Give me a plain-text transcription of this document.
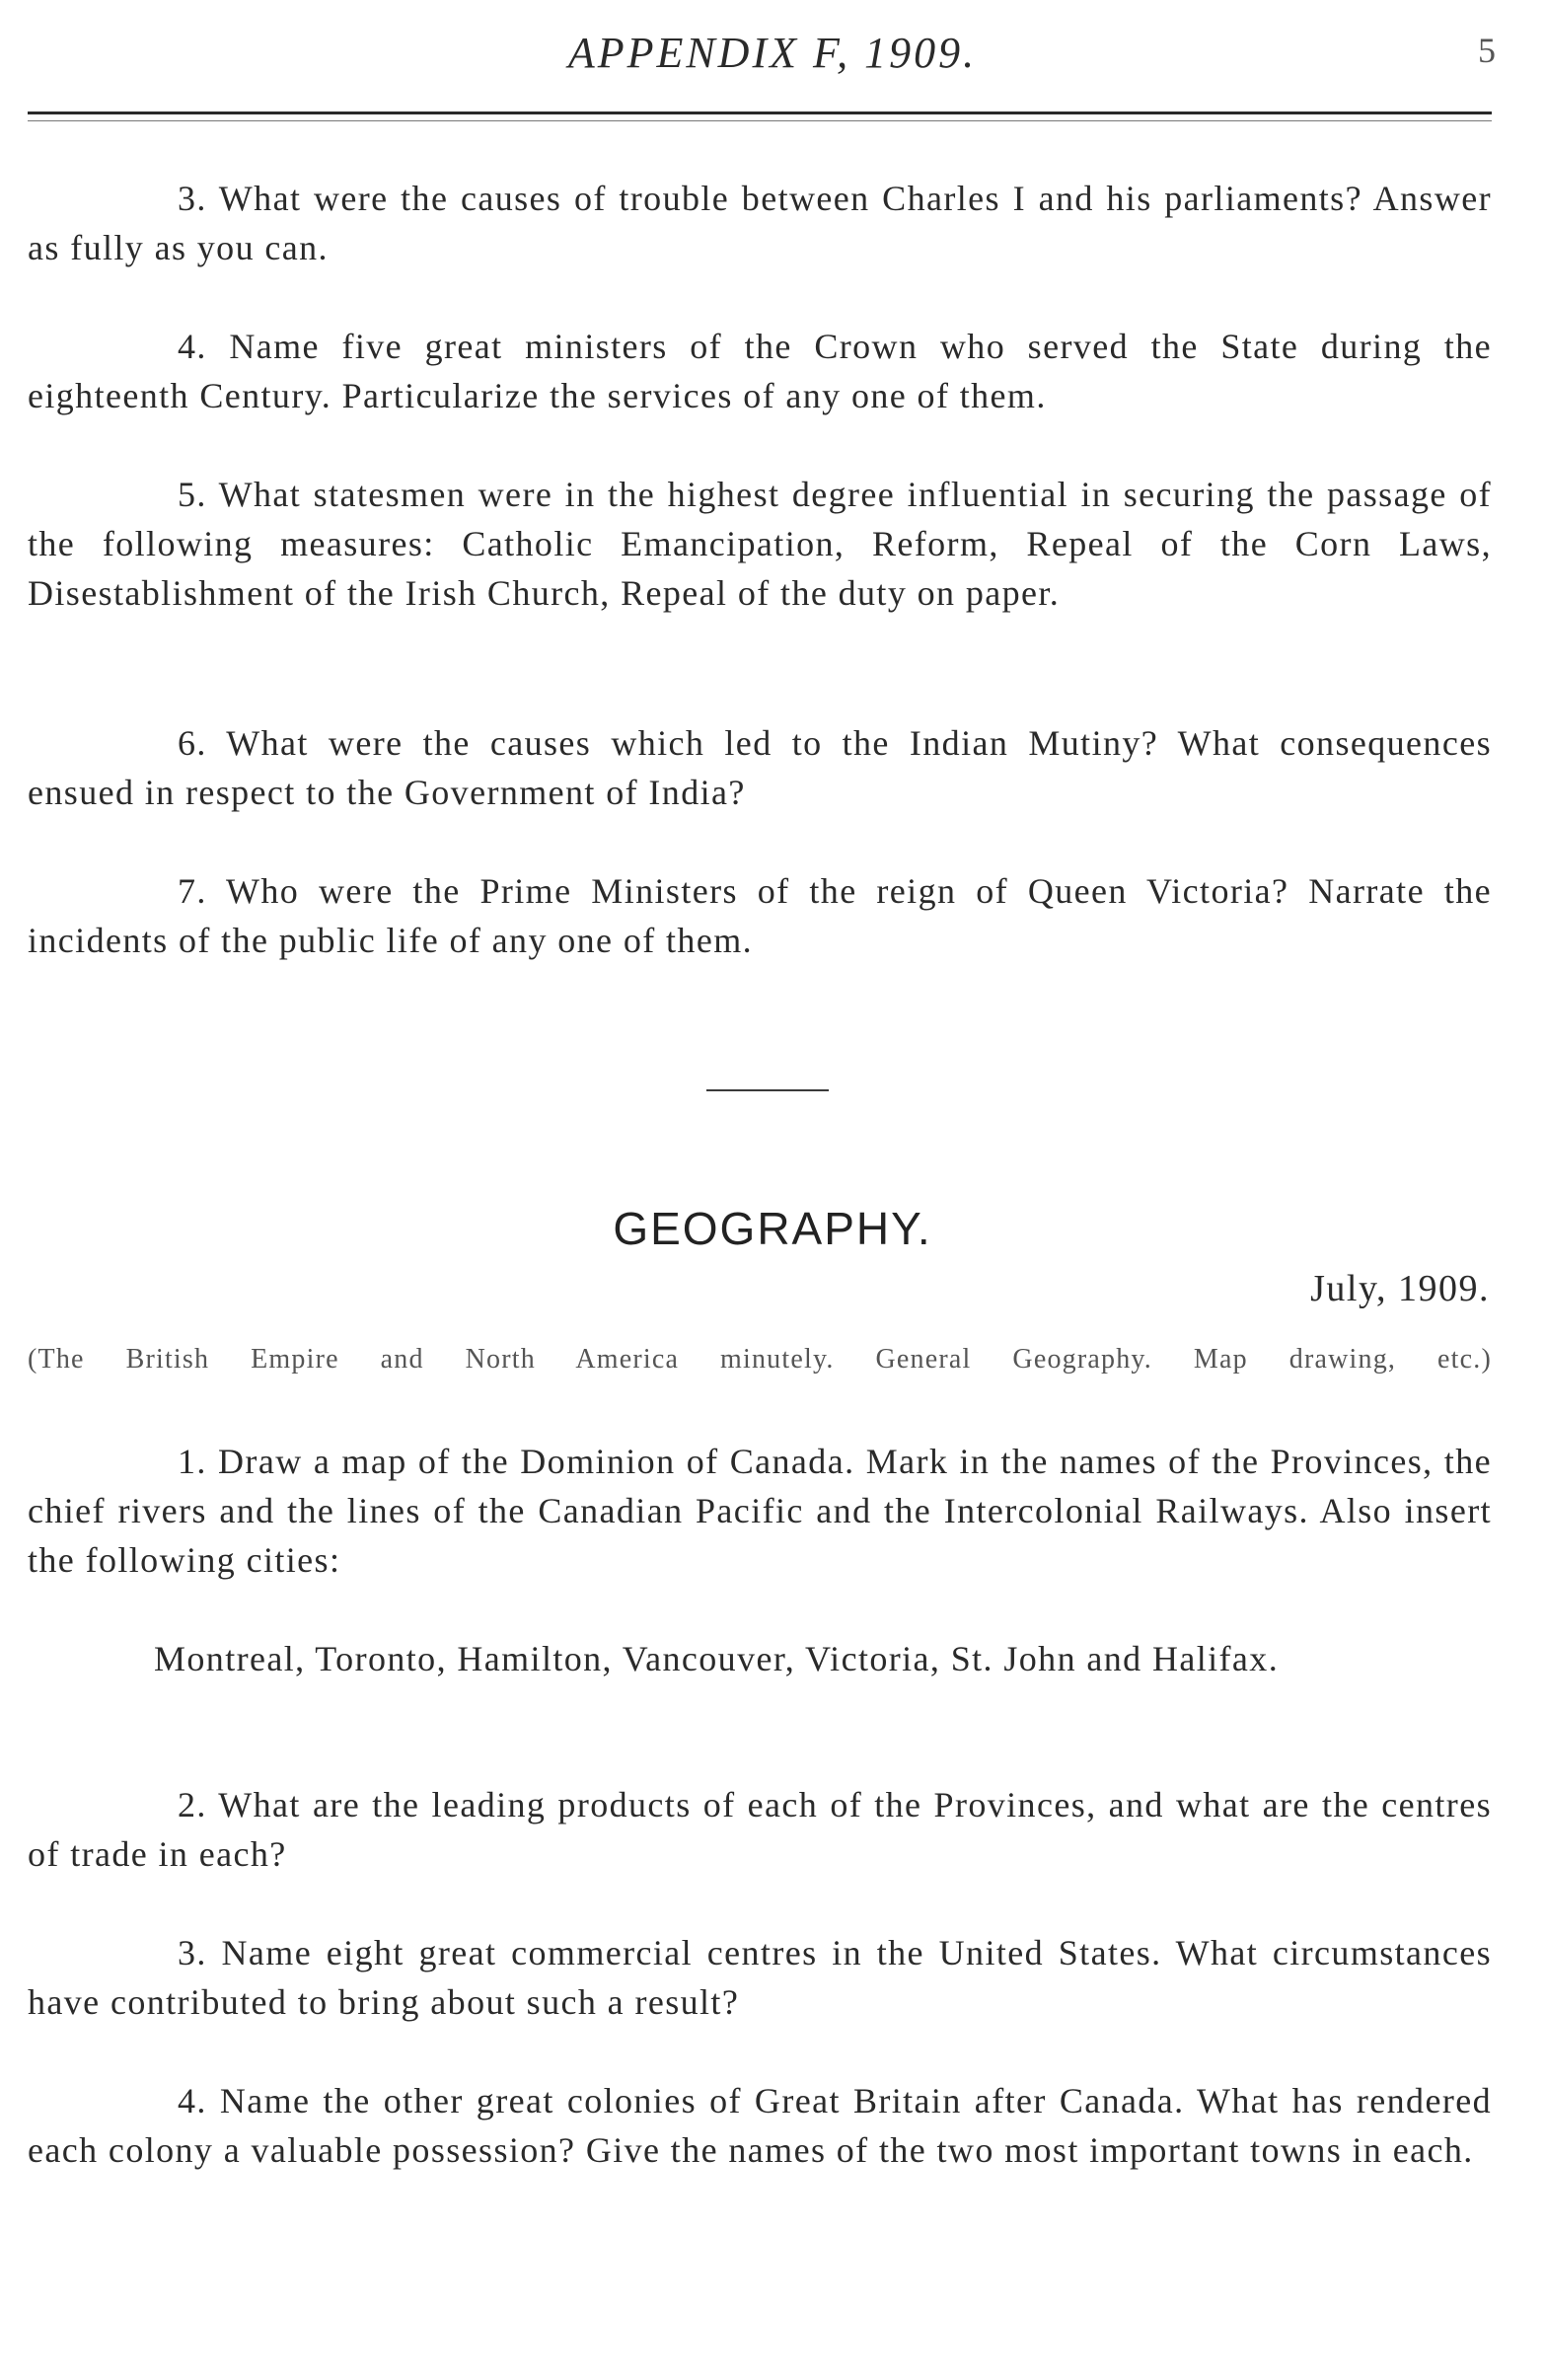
APPENDIX F, 1909.	5

3. What were the causes of trouble between Charles I and his parliaments? Answer as fully as you can.

4. Name five great ministers of the Crown who served the State during the eighteenth Century. Particularize the services of any one of them.

5. What statesmen were in the highest degree influential in securing the passage of the following measures: Catholic Emancipation, Reform, Repeal of the Corn Laws, Disestablishment of the Irish Church, Repeal of the duty on paper.

6. What were the causes which led to the Indian Mutiny? What consequences ensued in respect to the Government of India?

7. Who were the Prime Ministers of the reign of Queen Victoria? Narrate the incidents of the public life of any one of them.

GEOGRAPHY.
July, 1909.
(The British Empire and North America minutely. General Geography. Map drawing, etc.)

1. Draw a map of the Dominion of Canada. Mark in the names of the Provinces, the chief rivers and the lines of the Canadian Pacific and the Intercolonial Railways. Also insert the following cities:

Montreal, Toronto, Hamilton, Vancouver, Victoria, St. John and Halifax.

2. What are the leading products of each of the Provinces, and what are the centres of trade in each?

3. Name eight great commercial centres in the United States. What circumstances have contributed to bring about such a result?

4. Name the other great colonies of Great Britain after Canada. What has rendered each colony a valuable possession? Give the names of the two most important towns in each.
